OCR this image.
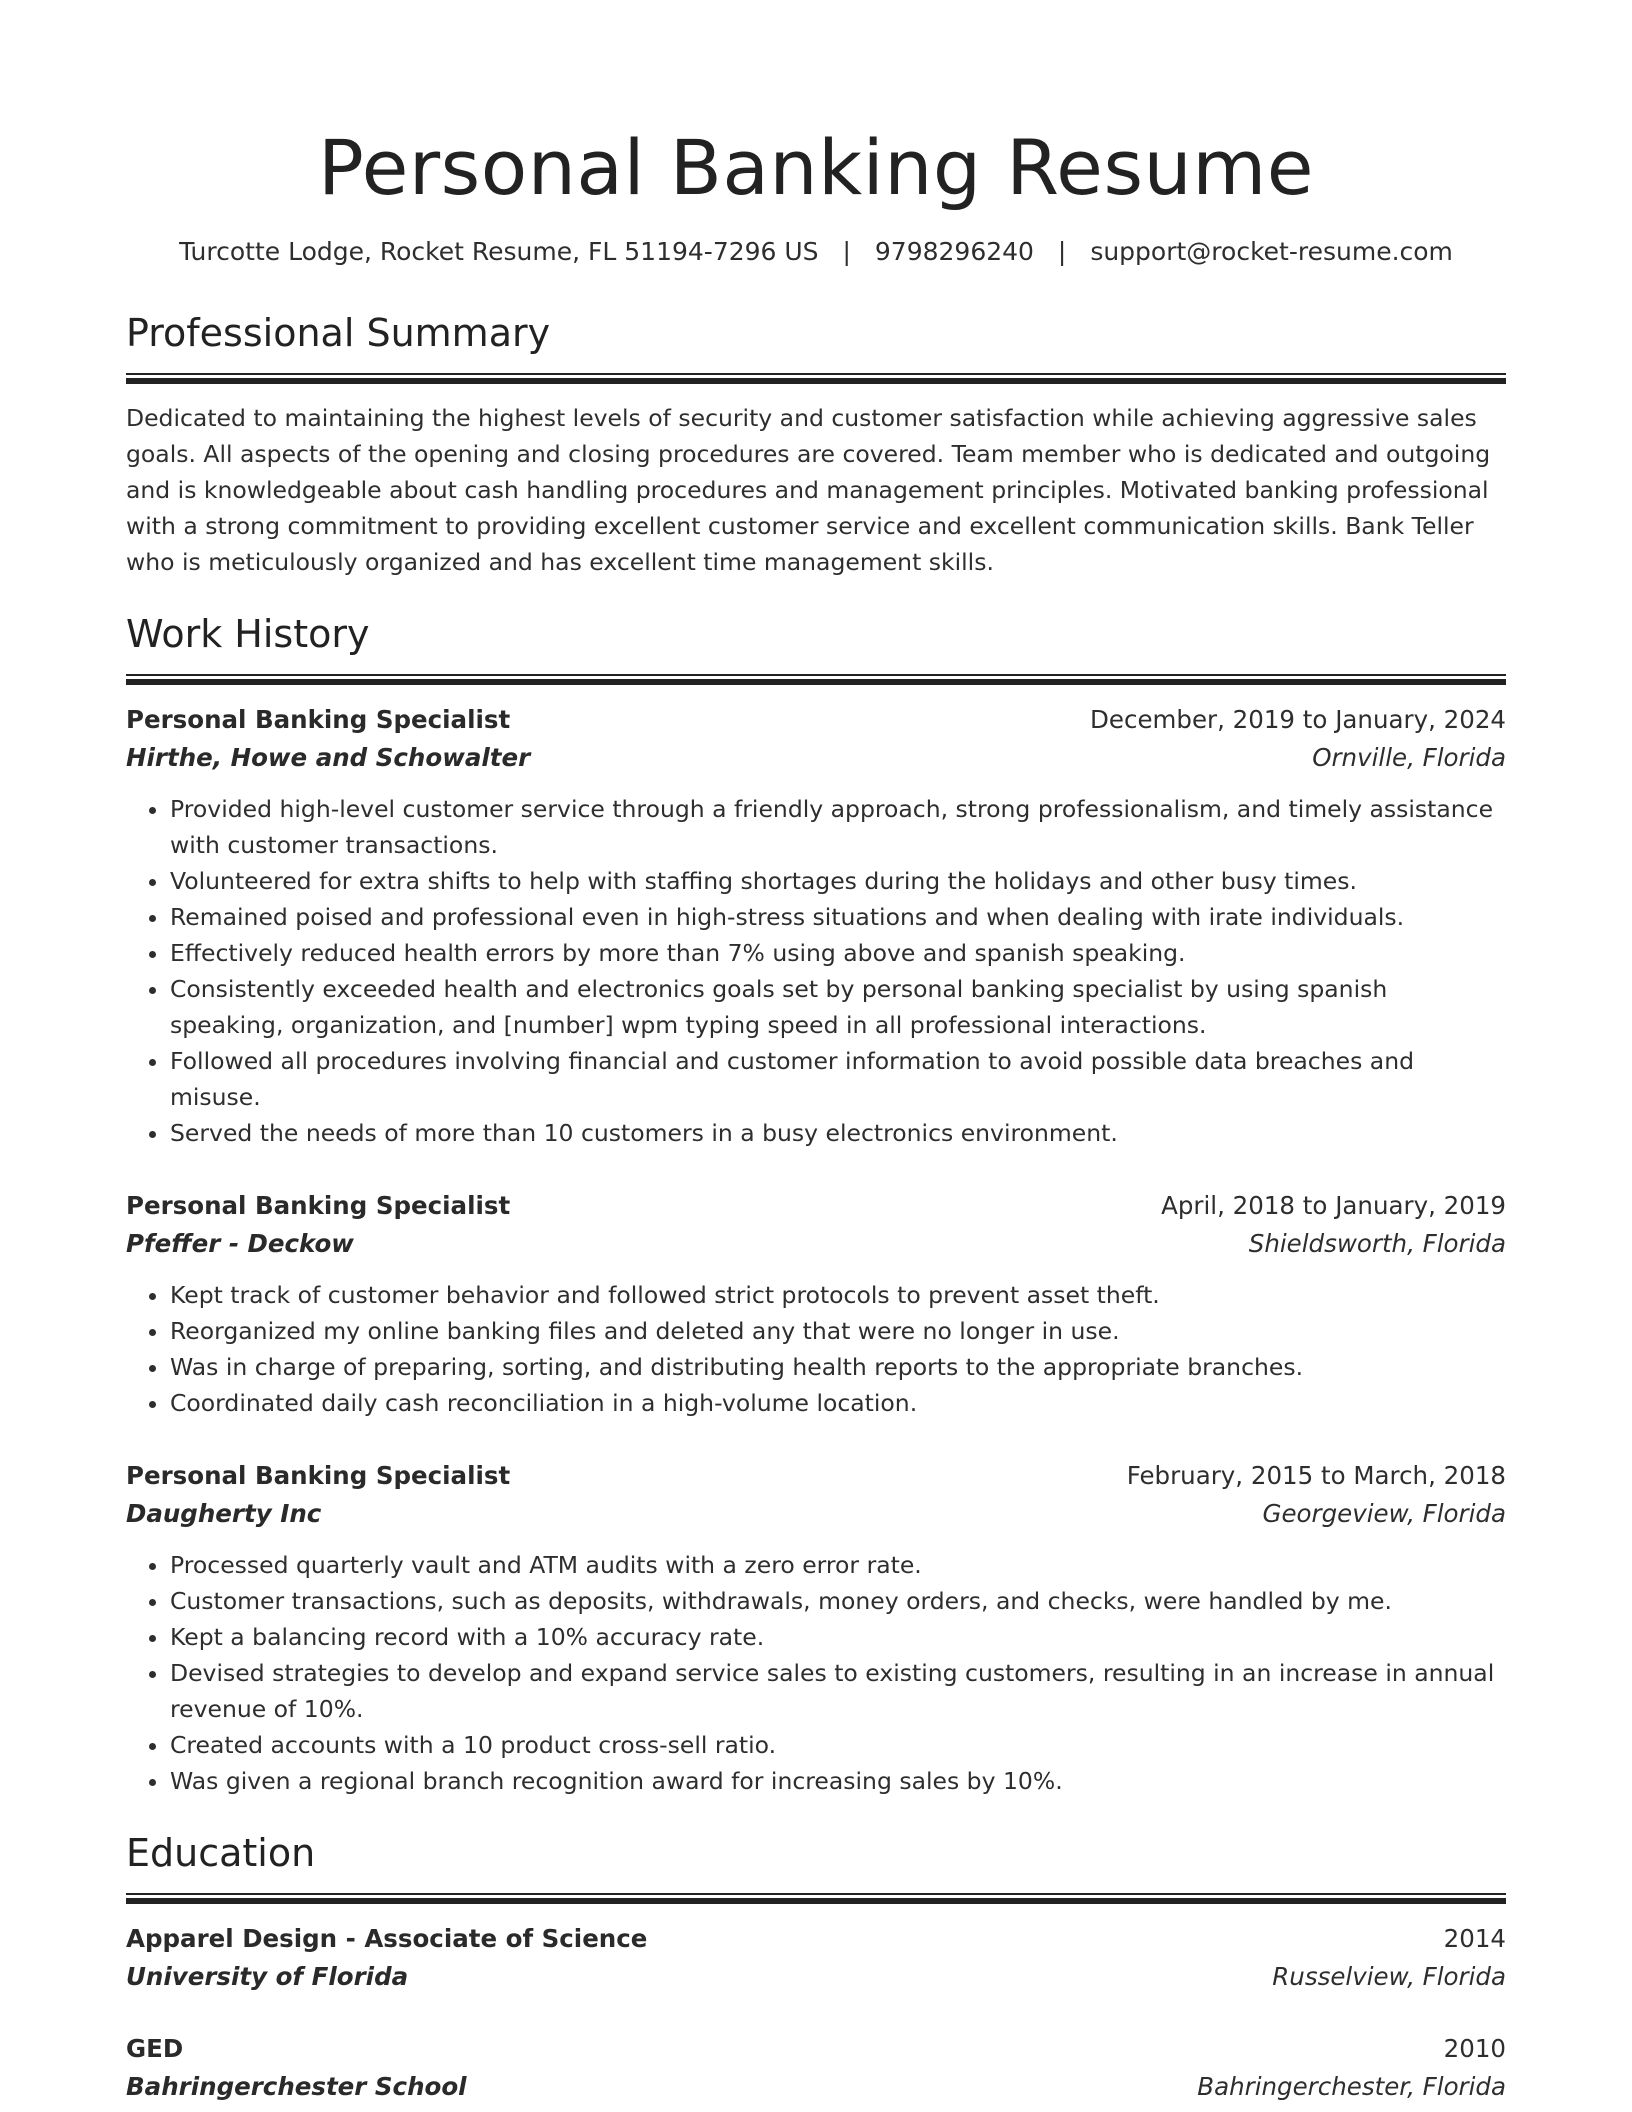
Personal Banking Resume
Turcotte Lodge, Rocket Resume, FL 51194-7296 US | 9798296240 | support@rocket-resume.com
Professional Summary

Dedicated to maintaining the highest levels of security and customer satisfaction while achieving aggressive sales goals. All aspects of the opening and closing procedures are covered. Team member who is dedicated and outgoing and is knowledgeable about cash handling procedures and management principles. Motivated banking professional with a strong commitment to providing excellent customer service and excellent communication skills. Bank Teller who is meticulously organized and has excellent time management skills.

Work History
Personal Banking Specialist	December, 2019 to January, 2024
Hirthe, Howe and Schowalter	Ornville, Florida
• Provided high-level customer service through a friendly approach, strong professionalism, and timely assistance with customer transactions.
• Volunteered for extra shifts to help with staffing shortages during the holidays and other busy times.
• Remained poised and professional even in high-stress situations and when dealing with irate individuals.
• Effectively reduced health errors by more than 7% using above and spanish speaking.
• Consistently exceeded health and electronics goals set by personal banking specialist by using spanish speaking, organization, and [number] wpm typing speed in all professional interactions.
• Followed all procedures involving financial and customer information to avoid possible data breaches and misuse.
• Served the needs of more than 10 customers in a busy electronics environment.
Personal Banking Specialist	April, 2018 to January, 2019
Pfeffer - Deckow	Shieldsworth, Florida
• Kept track of customer behavior and followed strict protocols to prevent asset theft.
• Reorganized my online banking files and deleted any that were no longer in use.
• Was in charge of preparing, sorting, and distributing health reports to the appropriate branches.
• Coordinated daily cash reconciliation in a high-volume location.
Personal Banking Specialist	February, 2015 to March, 2018
Daugherty Inc	Georgeview, Florida
• Processed quarterly vault and ATM audits with a zero error rate.
• Customer transactions, such as deposits, withdrawals, money orders, and checks, were handled by me.
• Kept a balancing record with a 10% accuracy rate.
• Devised strategies to develop and expand service sales to existing customers, resulting in an increase in annual revenue of 10%.
• Created accounts with a 10 product cross-sell ratio.
• Was given a regional branch recognition award for increasing sales by 10%.
Education
Apparel Design - Associate of Science	2014
University of Florida	Russelview, Florida
GED	2010
Bahringerchester School	Bahringerchester, Florida
